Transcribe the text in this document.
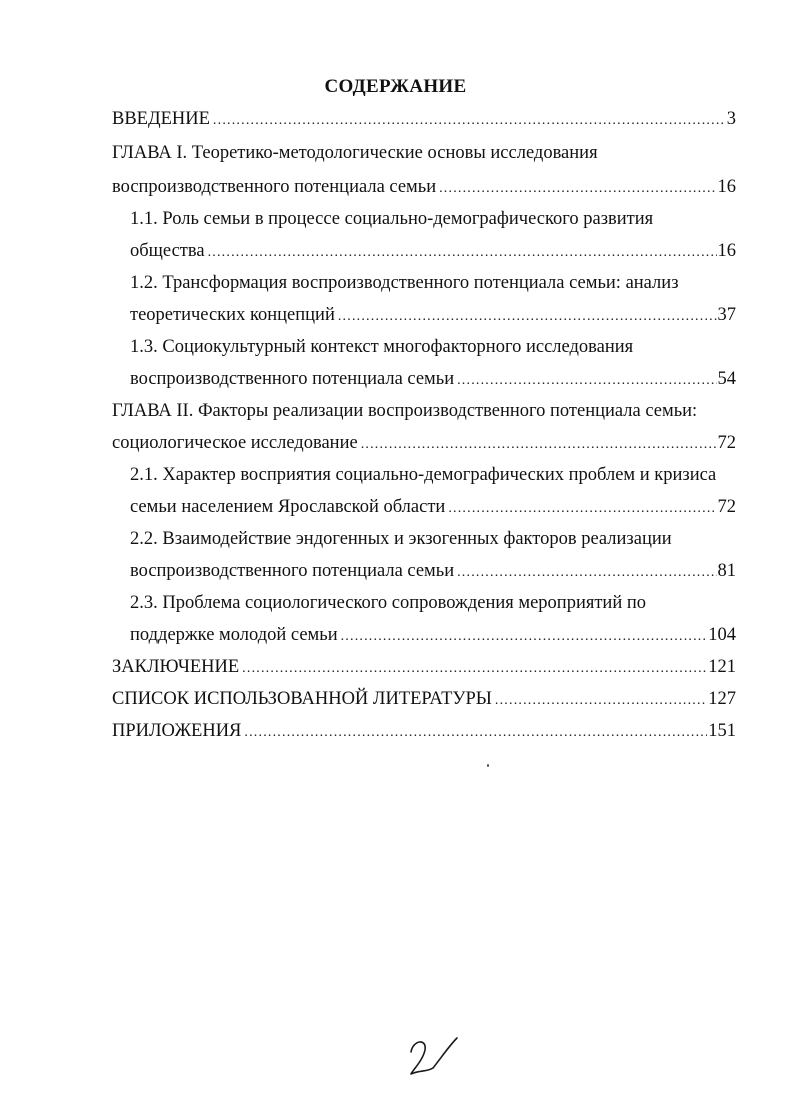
СОДЕРЖАНИЕ
ВВЕДЕНИЕ .....	3
ГЛАВА I. Теоретико-методологические основы исследования
воспроизводственного потенциала семьи .....	16
1.1. Роль семьи в процессе социально-демографического развития
общества .....	16
1.2. Трансформация воспроизводственного потенциала семьи: анализ
теоретических концепций .....	37
1.3. Социокультурный контекст многофакторного исследования
воспроизводственного потенциала семьи .....	54
ГЛАВА II. Факторы реализации воспроизводственного потенциала семьи:
социологическое исследование .....	72
2.1. Характер восприятия социально-демографических проблем и кризиса
семьи населением Ярославской области .....	72
2.2. Взаимодействие эндогенных и экзогенных факторов реализации
воспроизводственного потенциала семьи .....	81
2.3. Проблема социологического сопровождения мероприятий по
поддержке молодой семьи .....	104
ЗАКЛЮЧЕНИЕ .....	121
СПИСОК ИСПОЛЬЗОВАННОЙ ЛИТЕРАТУРЫ .....	127
ПРИЛОЖЕНИЯ .....	151
